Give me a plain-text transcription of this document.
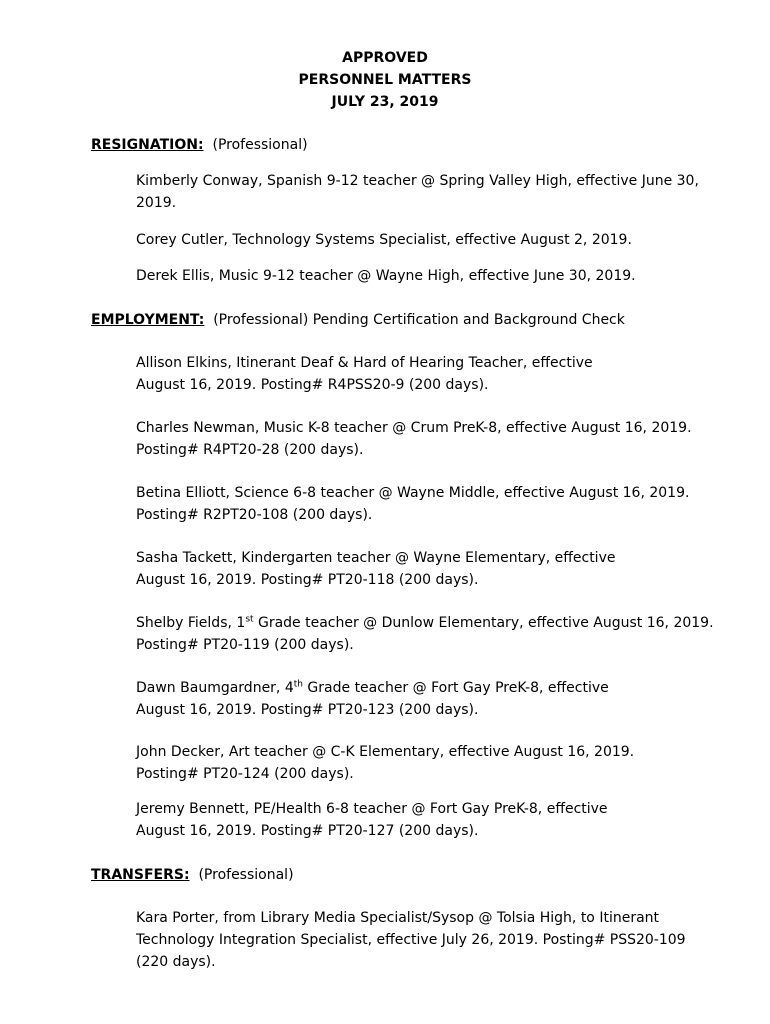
APPROVED
PERSONNEL MATTERS
JULY 23, 2019
RESIGNATION: (Professional)
Kimberly Conway, Spanish 9-12 teacher @ Spring Valley High, effective June 30,
2019.
Corey Cutler, Technology Systems Specialist, effective August 2, 2019.
Derek Ellis, Music 9-12 teacher @ Wayne High, effective June 30, 2019.
EMPLOYMENT: (Professional) Pending Certification and Background Check
Allison Elkins, Itinerant Deaf & Hard of Hearing Teacher, effective
August 16, 2019. Posting# R4PSS20-9 (200 days).
Charles Newman, Music K-8 teacher @ Crum PreK-8, effective August 16, 2019.
Posting# R4PT20-28 (200 days).
Betina Elliott, Science 6-8 teacher @ Wayne Middle, effective August 16, 2019.
Posting# R2PT20-108 (200 days).
Sasha Tackett, Kindergarten teacher @ Wayne Elementary, effective
August 16, 2019. Posting# PT20-118 (200 days).
Shelby Fields, 1st Grade teacher @ Dunlow Elementary, effective August 16, 2019.
Posting# PT20-119 (200 days).
Dawn Baumgardner, 4th Grade teacher @ Fort Gay PreK-8, effective
August 16, 2019. Posting# PT20-123 (200 days).
John Decker, Art teacher @ C-K Elementary, effective August 16, 2019.
Posting# PT20-124 (200 days).
Jeremy Bennett, PE/Health 6-8 teacher @ Fort Gay PreK-8, effective
August 16, 2019. Posting# PT20-127 (200 days).
TRANSFERS: (Professional)
Kara Porter, from Library Media Specialist/Sysop @ Tolsia High, to Itinerant
Technology Integration Specialist, effective July 26, 2019. Posting# PSS20-109
(220 days).
